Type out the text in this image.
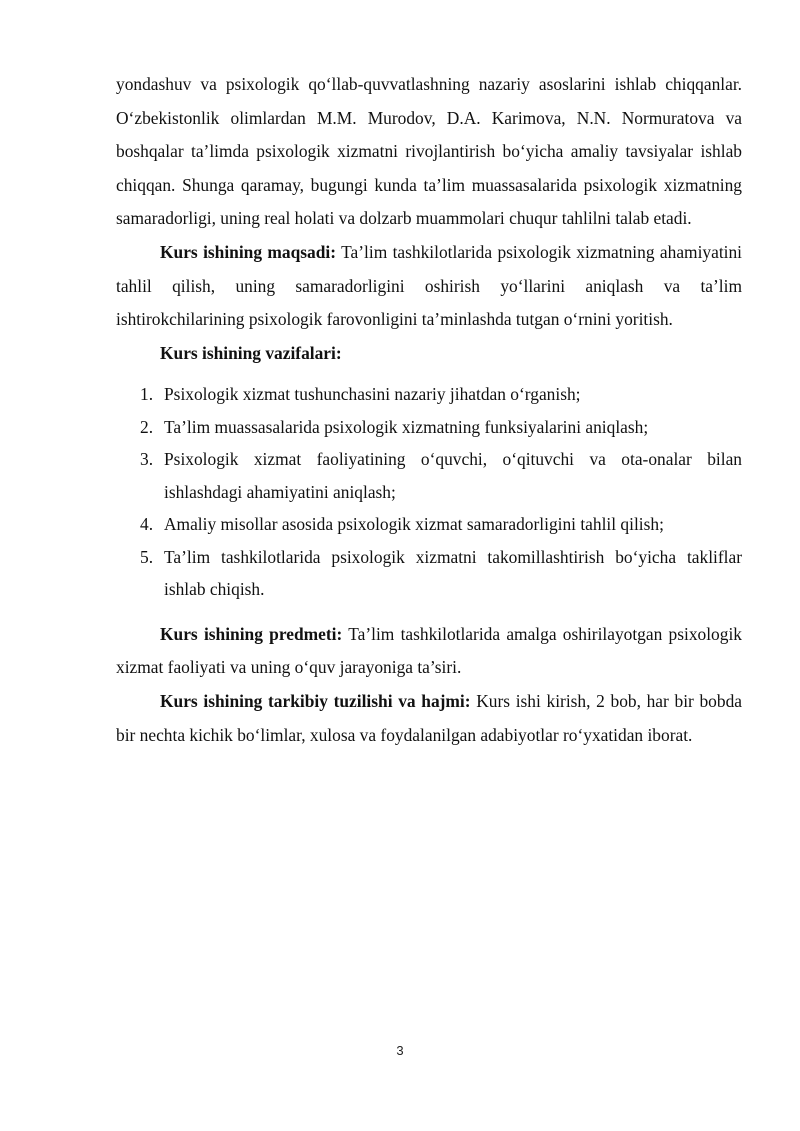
yondashuv va psixologik qo‘llab-quvvatlashning nazariy asoslarini ishlab chiqqanlar. O‘zbekistonlik olimlardan M.M. Murodov, D.A. Karimova, N.N. Normuratova va boshqalar ta’limda psixologik xizmatni rivojlantirish bo‘yicha amaliy tavsiyalar ishlab chiqqan. Shunga qaramay, bugungi kunda ta’lim muassasalarida psixologik xizmatning samaradorligi, uning real holati va dolzarb muammolari chuqur tahlilni talab etadi.

Kurs ishining maqsadi: Ta’lim tashkilotlarida psixologik xizmatning ahamiyatini tahlil qilish, uning samaradorligini oshirish yo‘llarini aniqlash va ta’lim ishtirokchilarining psixologik farovonligini ta’minlashda tutgan o‘rnini yoritish.

Kurs ishining vazifalari:

1. Psixologik xizmat tushunchasini nazariy jihatdan o‘rganish;
2. Ta’lim muassasalarida psixologik xizmatning funksiyalarini aniqlash;
3. Psixologik xizmat faoliyatining o‘quvchi, o‘qituvchi va ota-onalar bilan ishlashdagi ahamiyatini aniqlash;
4. Amaliy misollar asosida psixologik xizmat samaradorligini tahlil qilish;
5. Ta’lim tashkilotlarida psixologik xizmatni takomillashtirish bo‘yicha takliflar ishlab chiqish.

Kurs ishining predmeti: Ta’lim tashkilotlarida amalga oshirilayotgan psixologik xizmat faoliyati va uning o‘quv jarayoniga ta’siri.

Kurs ishining tarkibiy tuzilishi va hajmi: Kurs ishi kirish, 2 bob, har bir bobda bir nechta kichik bo‘limlar, xulosa va foydalanilgan adabiyotlar ro‘yxatidan iborat.

3
